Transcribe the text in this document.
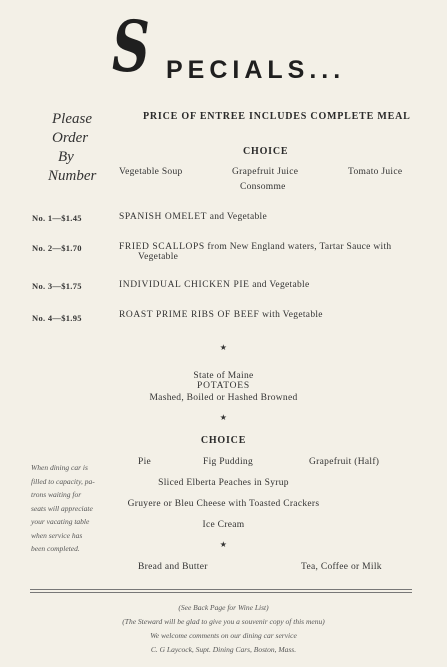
S PECIALS...
Please
Order
By
Number
PRICE OF ENTREE INCLUDES COMPLETE MEAL
CHOICE
Vegetable Soup	Grapefruit Juice	Tomato Juice
Consomme
No. 1—$1.45	SPANISH OMELET and Vegetable
No. 2—$1.70	FRIED SCALLOPS from New England waters, Tartar Sauce with
Vegetable
No. 3—$1.75	INDIVIDUAL CHICKEN PIE and Vegetable
No. 4—$1.95	ROAST PRIME RIBS OF BEEF with Vegetable
★
State of Maine
POTATOES
Mashed, Boiled or Hashed Browned
★
CHOICE
Pie	Fig Pudding	Grapefruit (Half)
Sliced Elberta Peaches in Syrup
Gruyere or Bleu Cheese with Toasted Crackers
Ice Cream
★
Bread and Butter	Tea, Coffee or Milk
When dining car is
filled to capacity, pa-
trons waiting for
seats will appreciate
your vacating table
when service has
been completed.
(See Back Page for Wine List)
(The Steward will be glad to give you a souvenir copy of this menu)
We welcome comments on our dining car service
C. G Laycock, Supt. Dining Cars, Boston, Mass.
